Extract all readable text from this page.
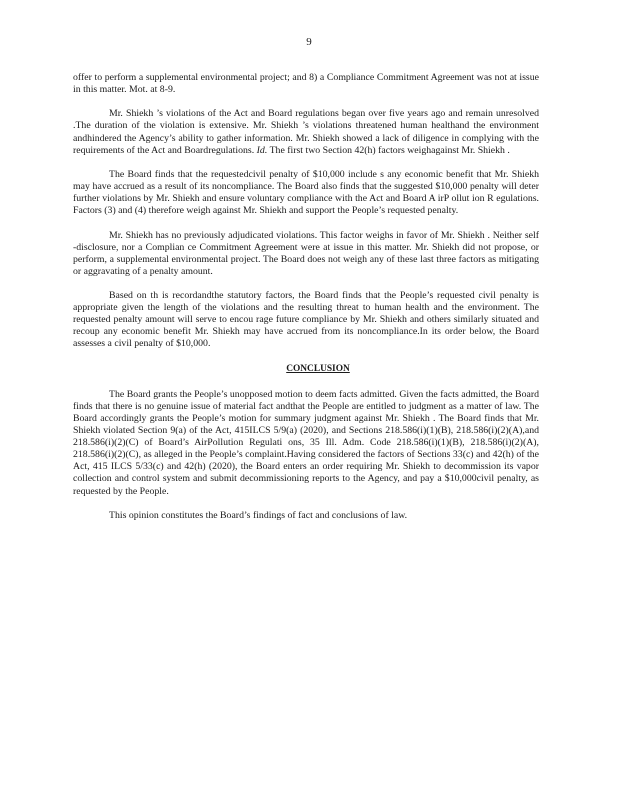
9

offer to perform a supplemental environmental project; and 8) a Compliance Commitment Agreement was not at issue in this matter. Mot. at 8-9.

Mr. Shiekh ’s violations of the Act and Board regulations began over five years ago and remain unresolved .The duration of the violation is extensive. Mr. Shiekh ’s violations threatened human healthand the environment andhindered the Agency’s ability to gather information. Mr. Shiekh showed a lack of diligence in complying with the requirements of the Act and Boardregulations. Id. The first two Section 42(h) factors weighagainst Mr. Shiekh .

The Board finds that the requestedcivil penalty of $10,000 include s any economic benefit that Mr. Shiekh may have accrued as a result of its noncompliance. The Board also finds that the suggested $10,000 penalty will deter further violations by Mr. Shiekh and ensure voluntary compliance with the Act and Board A irP ollut ion R egulations. Factors (3) and (4) therefore weigh against Mr. Shiekh and support the People’s requested penalty.

Mr. Shiekh has no previously adjudicated violations. This factor weighs in favor of Mr. Shiekh . Neither self -disclosure, nor a Complian ce Commitment Agreement were at issue in this matter. Mr. Shiekh did not propose, or perform, a supplemental environmental project. The Board does not weigh any of these last three factors as mitigating or aggravating of a penalty amount.

Based on th is recordandthe statutory factors, the Board finds that the People’s requested civil penalty is appropriate given the length of the violations and the resulting threat to human health and the environment. The requested penalty amount will serve to encou rage future compliance by Mr. Shiekh and others similarly situated and recoup any economic benefit Mr. Shiekh may have accrued from its noncompliance.In its order below, the Board assesses a civil penalty of $10,000.

CONCLUSION

The Board grants the People’s unopposed motion to deem facts admitted. Given the facts admitted, the Board finds that there is no genuine issue of material fact andthat the People are entitled to judgment as a matter of law. The Board accordingly grants the People’s motion for summary judgment against Mr. Shiekh . The Board finds that Mr. Shiekh violated Section 9(a) of the Act, 415ILCS 5/9(a) (2020), and Sections 218.586(i)(1)(B), 218.586(i)(2)(A),and 218.586(i)(2)(C) of Board’s AirPollution Regulati ons, 35 Ill. Adm. Code 218.586(i)(1)(B), 218.586(i)(2)(A), 218.586(i)(2)(C), as alleged in the People’s complaint.Having considered the factors of Sections 33(c) and 42(h) of the Act, 415 ILCS 5/33(c) and 42(h) (2020), the Board enters an order requiring Mr. Shiekh to decommission its vapor collection and control system and submit decommissioning reports to the Agency, and pay a $10,000civil penalty, as requested by the People.

This opinion constitutes the Board’s findings of fact and conclusions of law.
